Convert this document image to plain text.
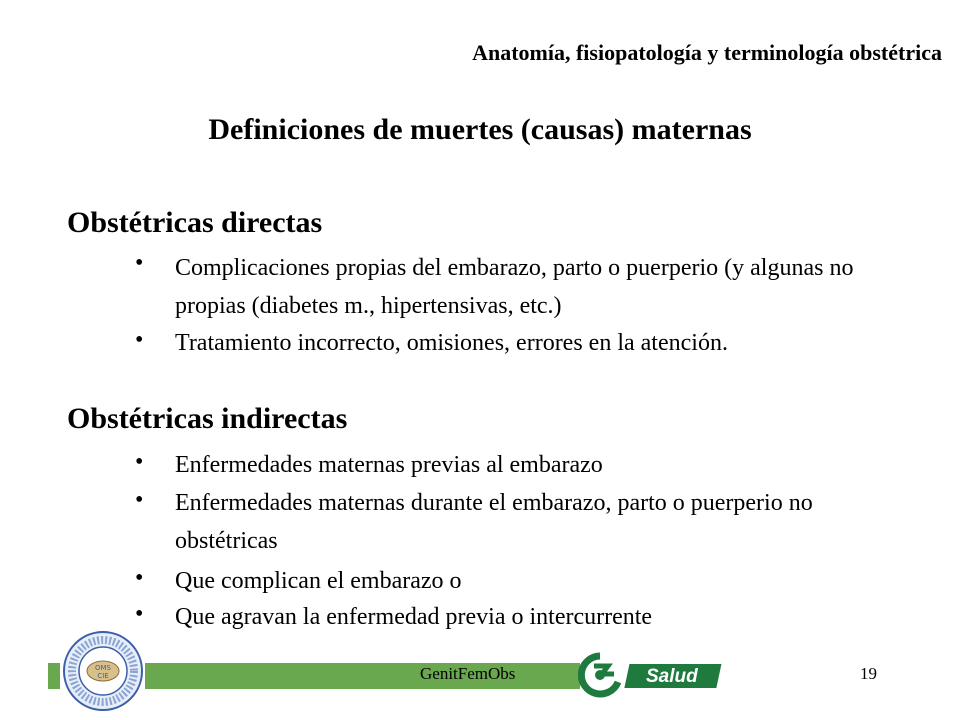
Anatomía, fisiopatología y terminología obstétrica
Definiciones de muertes (causas) maternas
Obstétricas directas
• Complicaciones propias del embarazo, parto o puerperio (y algunas no propias (diabetes m., hipertensivas, etc.)
• Tratamiento incorrecto, omisiones, errores en la atención.
Obstétricas indirectas
• Enfermedades maternas previas al embarazo
• Enfermedades maternas durante el embarazo, parto o puerperio no obstétricas
• Que complican el embarazo o
• Que agravan la enfermedad previa o intercurrente
OMS
CIE	GenitFemObs	Salud	19
